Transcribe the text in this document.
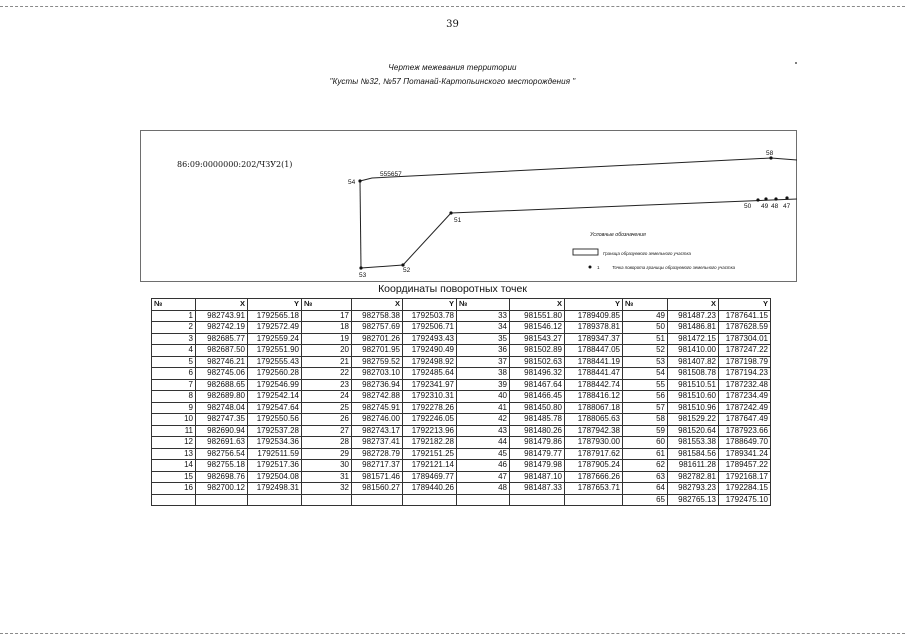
39
Чертеж межевания территории
"Кусты №32, №57 Потанай-Картопьинского месторождения "
86:09:0000000:202/ЧЗУ2(1)
54
555657
58
51
53
52
50 49 48 47
Условные обозначения
Граница образуемого земельного участка
1	Точка поворота границы образуемого земельного участка
Координаты поворотных точек
№	X	Y	№	X	Y	№	X	Y	№	X	Y
1	982743.91	1792565.18	17	982758.38	1792503.78	33	981551.80	1789409.85	49	981487.23	1787641.15
2	982742.19	1792572.49	18	982757.69	1792506.71	34	981546.12	1789378.81	50	981486.81	1787628.59
3	982685.77	1792559.24	19	982701.26	1792493.43	35	981543.27	1789347.37	51	981472.15	1787304.01
4	982687.50	1792551.90	20	982701.95	1792490.49	36	981502.89	1788447.05	52	981410.00	1787247.22
5	982746.21	1792555.43	21	982759.52	1792498.92	37	981502.63	1788441.19	53	981407.82	1787198.79
6	982745.06	1792560.28	22	982703.10	1792485.64	38	981496.32	1788441.47	54	981508.78	1787194.23
7	982688.65	1792546.99	23	982736.94	1792341.97	39	981467.64	1788442.74	55	981510.51	1787232.48
8	982689.80	1792542.14	24	982742.88	1792310.31	40	981466.45	1788416.12	56	981510.60	1787234.49
9	982748.04	1792547.64	25	982745.91	1792278.26	41	981450.80	1788067.18	57	981510.96	1787242.49
10	982747.35	1792550.56	26	982746.00	1792246.05	42	981485.78	1788065.63	58	981529.22	1787647.49
11	982690.94	1792537.28	27	982743.17	1792213.96	43	981480.26	1787942.38	59	981520.64	1787923.66
12	982691.63	1792534.36	28	982737.41	1792182.28	44	981479.86	1787930.00	60	981553.38	1788649.70
13	982756.54	1792511.59	29	982728.79	1792151.25	45	981479.77	1787917.62	61	981584.56	1789341.24
14	982755.18	1792517.36	30	982717.37	1792121.14	46	981479.98	1787905.24	62	981611.28	1789457.22
15	982698.76	1792504.08	31	981571.46	1789469.77	47	981487.10	1787666.26	63	982782.81	1792168.17
16	982700.12	1792498.31	32	981560.27	1789440.26	48	981487.33	1787653.71	64	982793.23	1792284.15
									65	982765.13	1792475.10
